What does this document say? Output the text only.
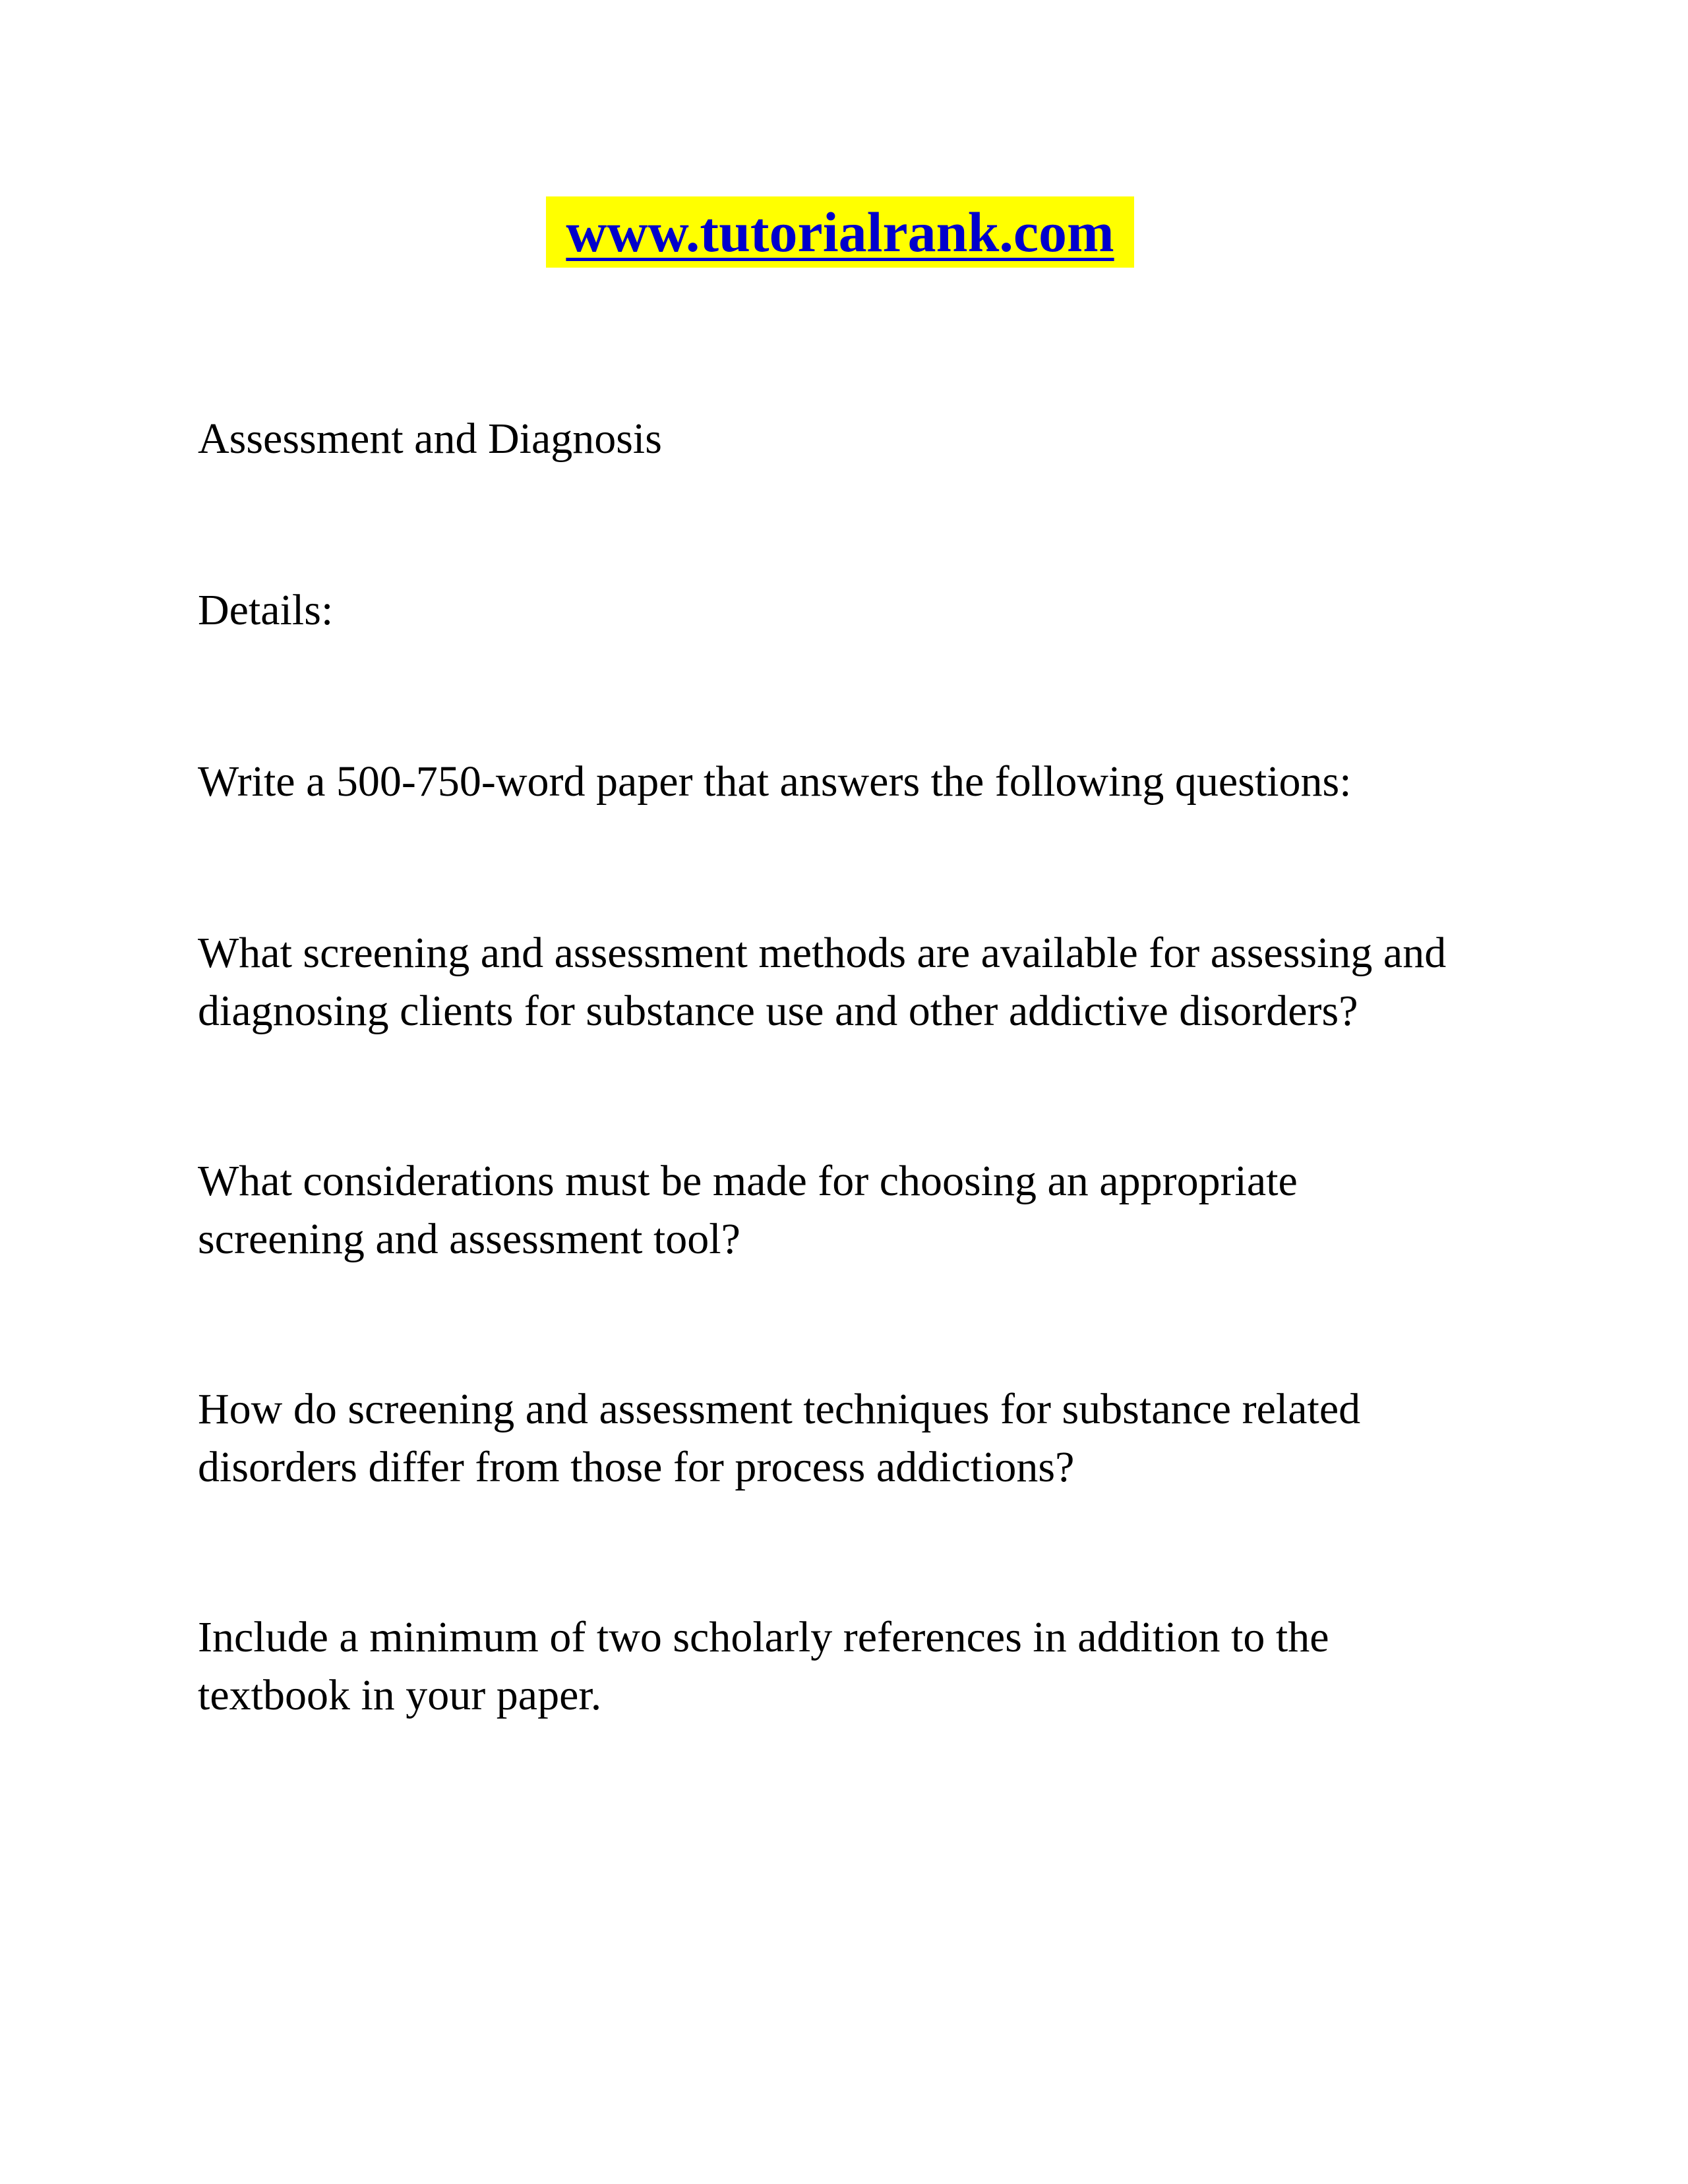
www.tutorialrank.com

Assessment and Diagnosis

Details:

Write a 500-750-word paper that answers the following questions:

What screening and assessment methods are available for assessing and
diagnosing clients for substance use and other addictive disorders?
What considerations must be made for choosing an appropriate
screening and assessment tool?
How do screening and assessment techniques for substance related
disorders differ from those for process addictions?
Include a minimum of two scholarly references in addition to the
textbook in your paper.
